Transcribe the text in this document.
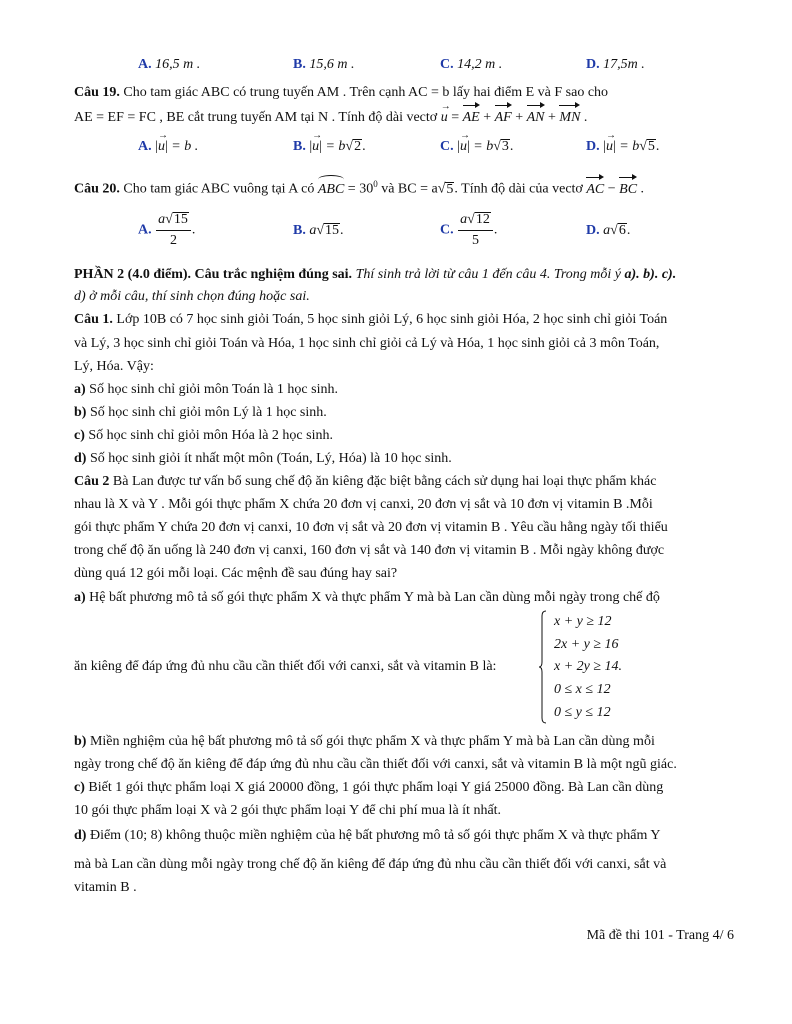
A. 16,5 m .	B. 15,6 m .	C. 14,2 m .	D. 17,5m .
Câu 19. Cho tam giác ABC có trung tuyến AM . Trên cạnh AC = b lấy hai điểm E và F sao cho
AE = EF = FC , BE cắt trung tuyến AM tại N . Tính độ dài vectơ → u = AE + AF + AN + MN .
A. |→ u| = b .	B. |→ u| = b√2.	C. |→ u| = b√3.	D. |→ u| = b√5.
Câu 20. Cho tam giác ABC vuông tại A có ABC = $30^0$ và BC = a√5. Tính độ dài của vectơ AC − BC .
A. $\frac{a√15}{2}$ .	B. a√15.	C. $\frac{a√12}{5}$ .	D. a√6.
PHẦN 2 (4.0 điểm). Câu trắc nghiệm đúng sai. Thí sinh trả lời từ câu 1 đến câu 4. Trong mỗi ý a). b). c).
d) ở mỗi câu, thí sinh chọn đúng hoặc sai.
Câu 1. Lớp 10B có 7 học sinh giỏi Toán, 5 học sinh giỏi Lý, 6 học sinh giỏi Hóa, 2 học sinh chỉ giỏi Toán
và Lý, 3 học sinh chỉ giỏi Toán và Hóa, 1 học sinh chỉ giỏi cả Lý và Hóa, 1 học sinh giỏi cả 3 môn Toán,
Lý, Hóa. Vậy:
a) Số học sinh chỉ giỏi môn Toán là 1 học sinh.
b) Số học sinh chỉ giỏi môn Lý là 1 học sinh.
c) Số học sinh chỉ giỏi môn Hóa là 2 học sinh.
d) Số học sinh giỏi ít nhất một môn (Toán, Lý, Hóa) là 10 học sinh.
Câu 2 Bà Lan được tư vấn bổ sung chế độ ăn kiêng đặc biệt bằng cách sử dụng hai loại thực phẩm khác
nhau là X và Y . Mỗi gói thực phẩm X chứa 20 đơn vị canxi, 20 đơn vị sắt và 10 đơn vị vitamin B .Mỗi
gói thực phẩm Y chứa 20 đơn vị canxi, 10 đơn vị sắt và 20 đơn vị vitamin B . Yêu cầu hằng ngày tối thiểu
trong chế độ ăn uống là 240 đơn vị canxi, 160 đơn vị sắt và 140 đơn vị vitamin B . Mỗi ngày không được
dùng quá 12 gói mỗi loại. Các mệnh đề sau đúng hay sai?
a) Hệ bất phương mô tả số gói thực phẩm X và thực phẩm Y mà bà Lan cần dùng mỗi ngày trong chế độ
ăn kiêng để đáp ứng đủ nhu cầu cần thiết đối với canxi, sắt và vitamin B là:
x + y ≥ 12
2x + y ≥ 16
x + 2y ≥ 14.
0 ≤ x ≤ 12
0 ≤ y ≤ 12
b) Miền nghiệm của hệ bất phương mô tả số gói thực phẩm X và thực phẩm Y mà bà Lan cần dùng mỗi
ngày trong chế độ ăn kiêng để đáp ứng đủ nhu cầu cần thiết đối với canxi, sắt và vitamin B là một ngũ giác.
c) Biết 1 gói thực phẩm loại X giá 20000 đồng, 1 gói thực phẩm loại Y giá 25000 đồng. Bà Lan cần dùng
10 gói thực phẩm loại X và 2 gói thực phẩm loại Y để chi phí mua là ít nhất.
d) Điểm (10; 8) không thuộc miền nghiệm của hệ bất phương mô tả số gói thực phẩm X và thực phẩm Y
mà bà Lan cần dùng mỗi ngày trong chế độ ăn kiêng để đáp ứng đủ nhu cầu cần thiết đối với canxi, sắt và
vitamin B .
Mã đề thi 101 - Trang 4/ 6
